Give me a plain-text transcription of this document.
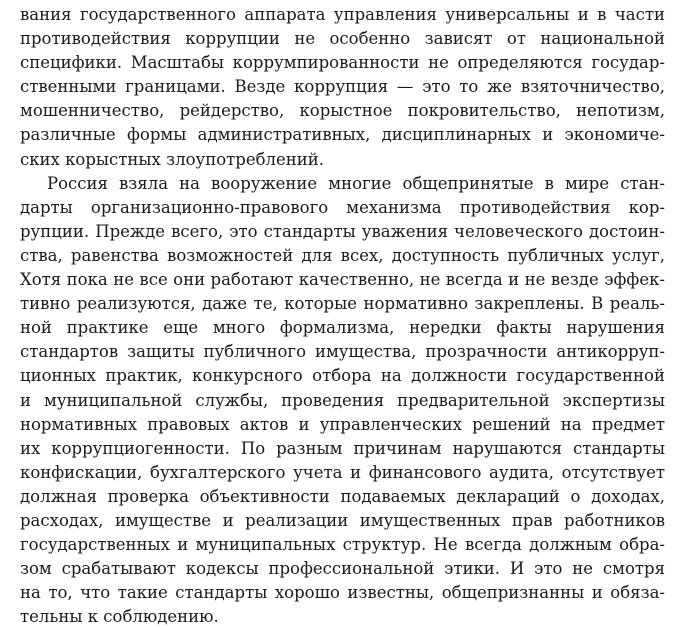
вания государственного аппарата управления универсальны и в части
противодействия коррупции не особенно зависят от национальной
специфики. Масштабы коррумпированности не определяются государ-
ственными границами. Везде коррупция — это то же взяточничество,
мошенничество, рейдерство, корыстное покровительство, непотизм,
различные формы административных, дисциплинарных и экономиче-
ских корыстных злоупотреблений.
Россия взяла на вооружение многие общепринятые в мире стан-
дарты организационно-правового механизма противодействия кор-
рупции. Прежде всего, это стандарты уважения человеческого достоин-
ства, равенства возможностей для всех, доступность публичных услуг,
Хотя пока не все они работают качественно, не всегда и не везде эффек-
тивно реализуются, даже те, которые нормативно закреплены. В реаль-
ной практике еще много формализма, нередки факты нарушения
стандартов защиты публичного имущества, прозрачности антикорруп-
ционных практик, конкурсного отбора на должности государственной
и муниципальной службы, проведения предварительной экспертизы
нормативных правовых актов и управленческих решений на предмет
их коррупциогенности. По разным причинам нарушаются стандарты
конфискации, бухгалтерского учета и финансового аудита, отсутствует
должная проверка объективности подаваемых деклараций о доходах,
расходах, имуществе и реализации имущественных прав работников
государственных и муниципальных структур. Не всегда должным обра-
зом срабатывают кодексы профессиональной этики. И это не смотря
на то, что такие стандарты хорошо известны, общепризнанны и обяза-
тельны к соблюдению.
